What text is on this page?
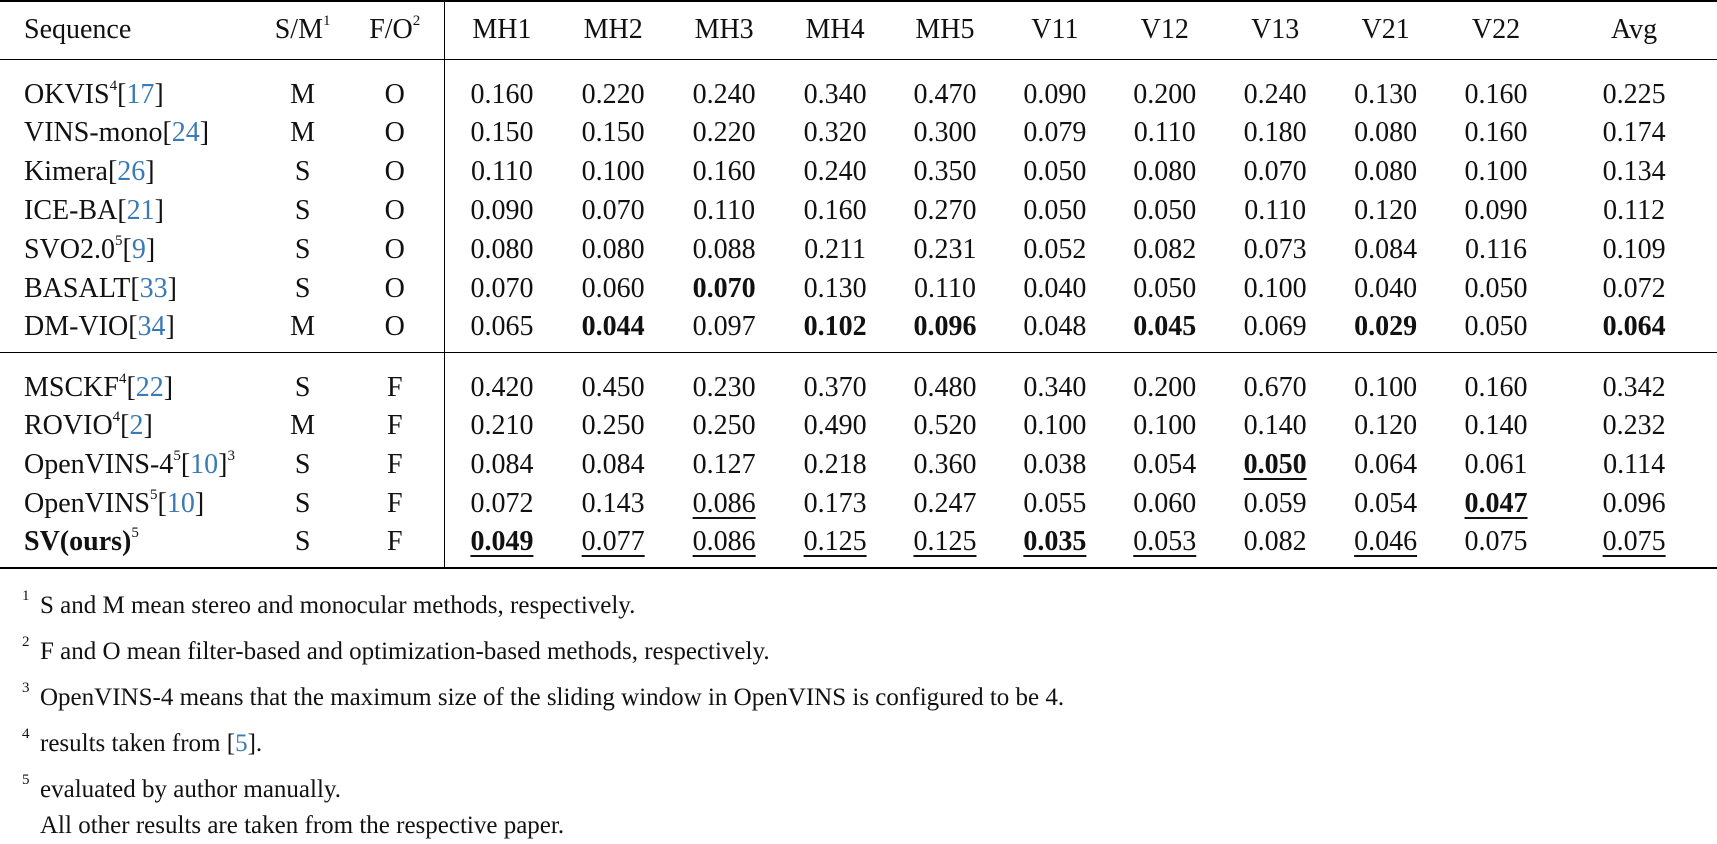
Sequence	$S/M^1$	$F/O^2$	MH1	MH2	MH3	MH4	MH5	V11	V12	V13	V21	V22	Avg
OKVIS$^4$[17]	M	O	0.160	0.220	0.240	0.340	0.470	0.090	0.200	0.240	0.130	0.160	0.225
VINS-mono[24]	M	O	0.150	0.150	0.220	0.320	0.300	0.079	0.110	0.180	0.080	0.160	0.174
Kimera[26]	S	O	0.110	0.100	0.160	0.240	0.350	0.050	0.080	0.070	0.080	0.100	0.134
ICE-BA[21]	S	O	0.090	0.070	0.110	0.160	0.270	0.050	0.050	0.110	0.120	0.090	0.112
$SVO2.0^5[9]$	S	O	0.080	0.080	0.088	0.211	0.231	0.052	0.082	0.073	0.084	0.116	0.109
BASALT[33]	S	O	0.070	0.060	0.070	0.130	0.110	0.040	0.050	0.100	0.040	0.050	0.072
DM-VIO[34]	M	O	0.065	0.044	0.097	0.102	0.096	0.048	0.045	0.069	0.029	0.050	0.064
MSCKF$^4$[22]	S	F	0.420	0.450	0.230	0.370	0.480	0.340	0.200	0.670	0.100	0.160	0.342
ROVIO$^4$[2]	M	F	0.210	0.250	0.250	0.490	0.520	0.100	0.100	0.140	0.120	0.140	0.232
OpenVINS-$4^5[10]^3$	S	F	0.084	0.084	0.127	0.218	0.360	0.038	0.054	0.050	0.064	0.061	0.114
OpenVINS$^5$[10]	S	F	0.072	0.143	0.086	0.173	0.247	0.055	0.060	0.059	0.054	0.047	0.096
SV(ours)$^5$	S	F	0.049	0.077	0.086	0.125	0.125	0.035	0.053	0.082	0.046	0.075	0.075
1 S and M mean stereo and monocular methods, respectively.
2 F and O mean filter-based and optimization-based methods, respectively.
3 OpenVINS-4 means that the maximum size of the sliding window in OpenVINS is configured to be 4.
4 results taken from [5].
5 evaluated by author manually.
All other results are taken from the respective paper.
